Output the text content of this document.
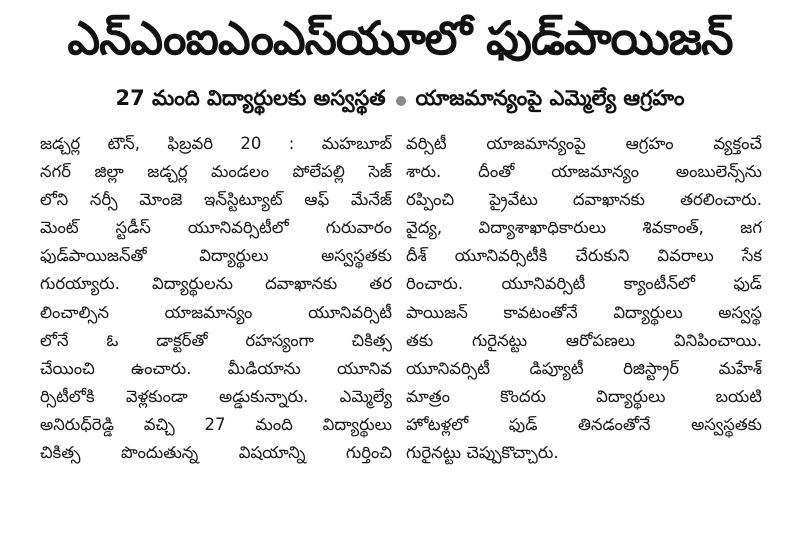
ఎన్‌ఎంఐఎంఎస్‌యూలో ఫుడ్‌పాయిజన్
27 మంది విద్యార్థులకు అస్వస్థత యాజమాన్యంపై ఎమ్మెల్యే ఆగ్రహం
జడ్చర్ల టౌన్, ఫిబ్రవరి 20 : మహబూబ్
నగర్ జిల్లా జడ్చర్ల మండలం పోలేపల్లి సెజ్
లోని నర్సీ మోంజె ఇన్‌స్టిట్యూట్ ఆఫ్ మేనేజ్
మెంట్ స్టడీస్ యూనివర్సిటీలో గురువారం
ఫుడ్‌పాయిజన్‌తో విద్యార్థులు అస్వస్థతకు
గురయ్యారు. విద్యార్థులను దవాఖానకు తర
లించాల్సిన యాజమాన్యం యూనివర్సిటీ
లోనే ఓ డాక్టర్‌తో రహస్యంగా చికిత్స
చేయించి ఉంచారు. మీడియాను యూనివ
ర్సిటీలోకి వెళ్లకుండా అడ్డుకున్నారు. ఎమ్మెల్యే
అనిరుధ్‌రెడ్డి వచ్చి 27 మంది విద్యార్థులు
చికిత్స పొందుతున్న విషయాన్ని గుర్తించి
వర్సిటీ యాజమాన్యంపై ఆగ్రహం వ్యక్తంచే
శారు. దీంతో యాజమాన్యం అంబులెన్స్‌ను
రప్పించి ప్రైవేటు దవాఖానకు తరలించారు.
వైద్య, విద్యాశాఖాధికారులు శివకాంత్, జగ
దీశ్ యూనివర్సిటీకి చేరుకుని వివరాలు సేక
రించారు. యూనివర్సిటీ క్యాంటీన్‌లో ఫుడ్
పాయిజన్ కావటంతోనే విద్యార్థులు అస్వస్థ
తకు గురైనట్టు ఆరోపణలు వినిపించాయి.
యూనివర్సిటీ డిప్యూటీ రిజిస్ట్రార్ మహేశ్
మాత్రం కొందరు విద్యార్థులు బయటి
హోటళ్లలో ఫుడ్ తినడంతోనే అస్వస్థతకు
గురైనట్టు చెప్పుకొచ్చారు.
